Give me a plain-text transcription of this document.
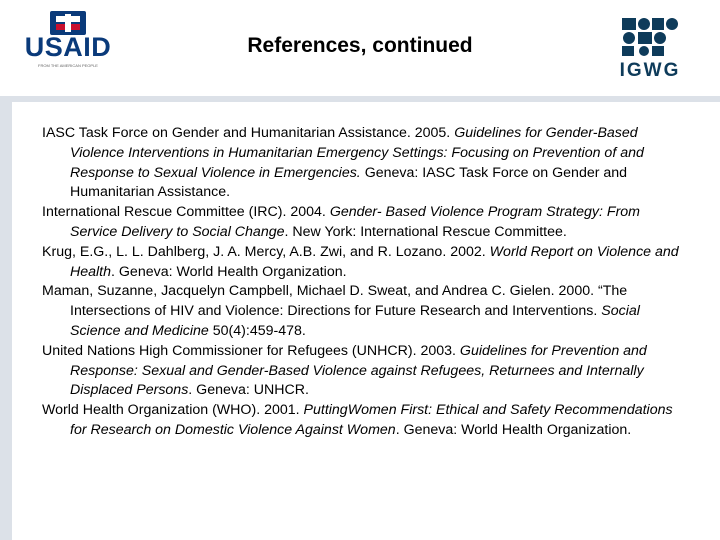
USAID
FROM THE AMERICAN PEOPLE
References, continued
IGWG

IASC Task Force on Gender and Humanitarian Assistance. 2005. Guidelines for Gender-Based Violence Interventions in Humanitarian Emergency Settings: Focusing on Prevention of and Response to Sexual Violence in Emergencies. Geneva: IASC Task Force on Gender and Humanitarian Assistance.

International Rescue Committee (IRC). 2004. Gender- Based Violence Program Strategy: From Service Delivery to Social Change. New York: International Rescue Committee.

Krug, E.G., L. L. Dahlberg, J. A. Mercy, A.B. Zwi, and R. Lozano. 2002. World Report on Violence and Health. Geneva: World Health Organization.

Maman, Suzanne, Jacquelyn Campbell, Michael D. Sweat, and Andrea C. Gielen. 2000. “The Intersections of HIV and Violence: Directions for Future Research and Interventions. Social Science and Medicine 50(4):459-478.

United Nations High Commissioner for Refugees (UNHCR). 2003. Guidelines for Prevention and Response: Sexual and Gender-Based Violence against Refugees, Returnees and Internally Displaced Persons. Geneva: UNHCR.

World Health Organization (WHO). 2001. PuttingWomen First: Ethical and Safety Recommendations for Research on Domestic Violence Against Women. Geneva: World Health Organization.
